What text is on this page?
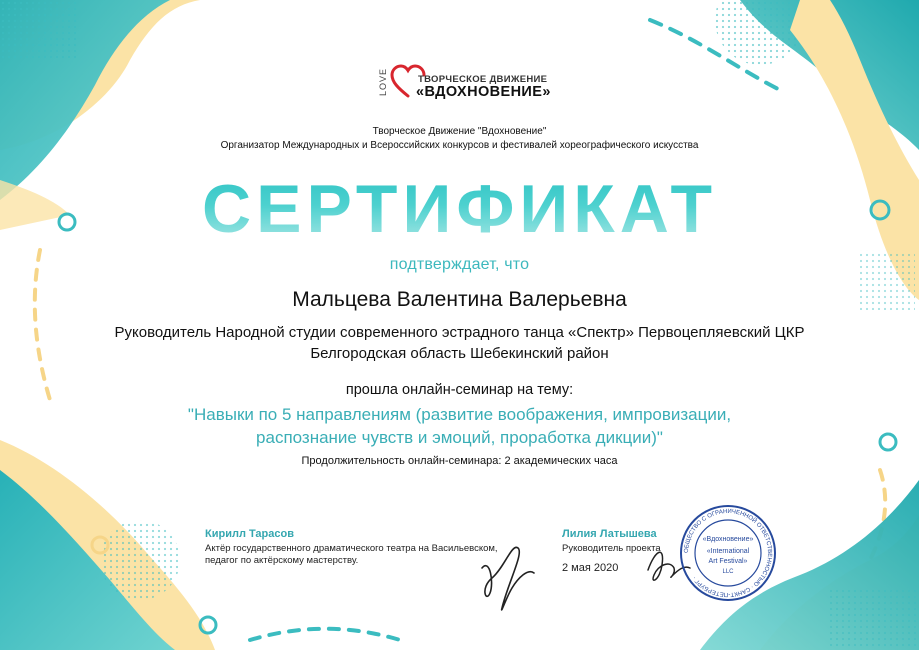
LOVE	ТВОРЧЕСКОЕ ДВИЖЕНИЕ
«ВДОХНОВЕНИЕ»
Творческое Движение "Вдохновение"
Организатор Международных и Всероссийских конкурсов и фестивалей хореографического искусства
СЕРТИФИКАТ
подтверждает, что
Мальцева Валентина Валерьевна
Руководитель Народной студии современного эстрадного танца «Спектр» Первоцепляевский ЦКР
Белгородская область Шебекинский район
прошла онлайн-семинар на тему:
"Навыки по 5 направлениям (развитие воображения, импровизации,
распознание чувств и эмоций, проработка дикции)"
Продолжительность онлайн-семинара: 2 академических часа
Кирилл Тарасов
Актёр государственного драматического театра на Васильевском,
педагог по актёрскому мастерству.
Лилия Латышева
Руководитель проекта
2 мая 2020
ОБЩЕСТВО С ОГРАНИЧЕННОЙ ОТВЕТСТВЕННОСТЬЮ · САНКТ-ПЕТЕРБУРГ ·
«Вдохновение»
«International
Art Festival»
LLC
